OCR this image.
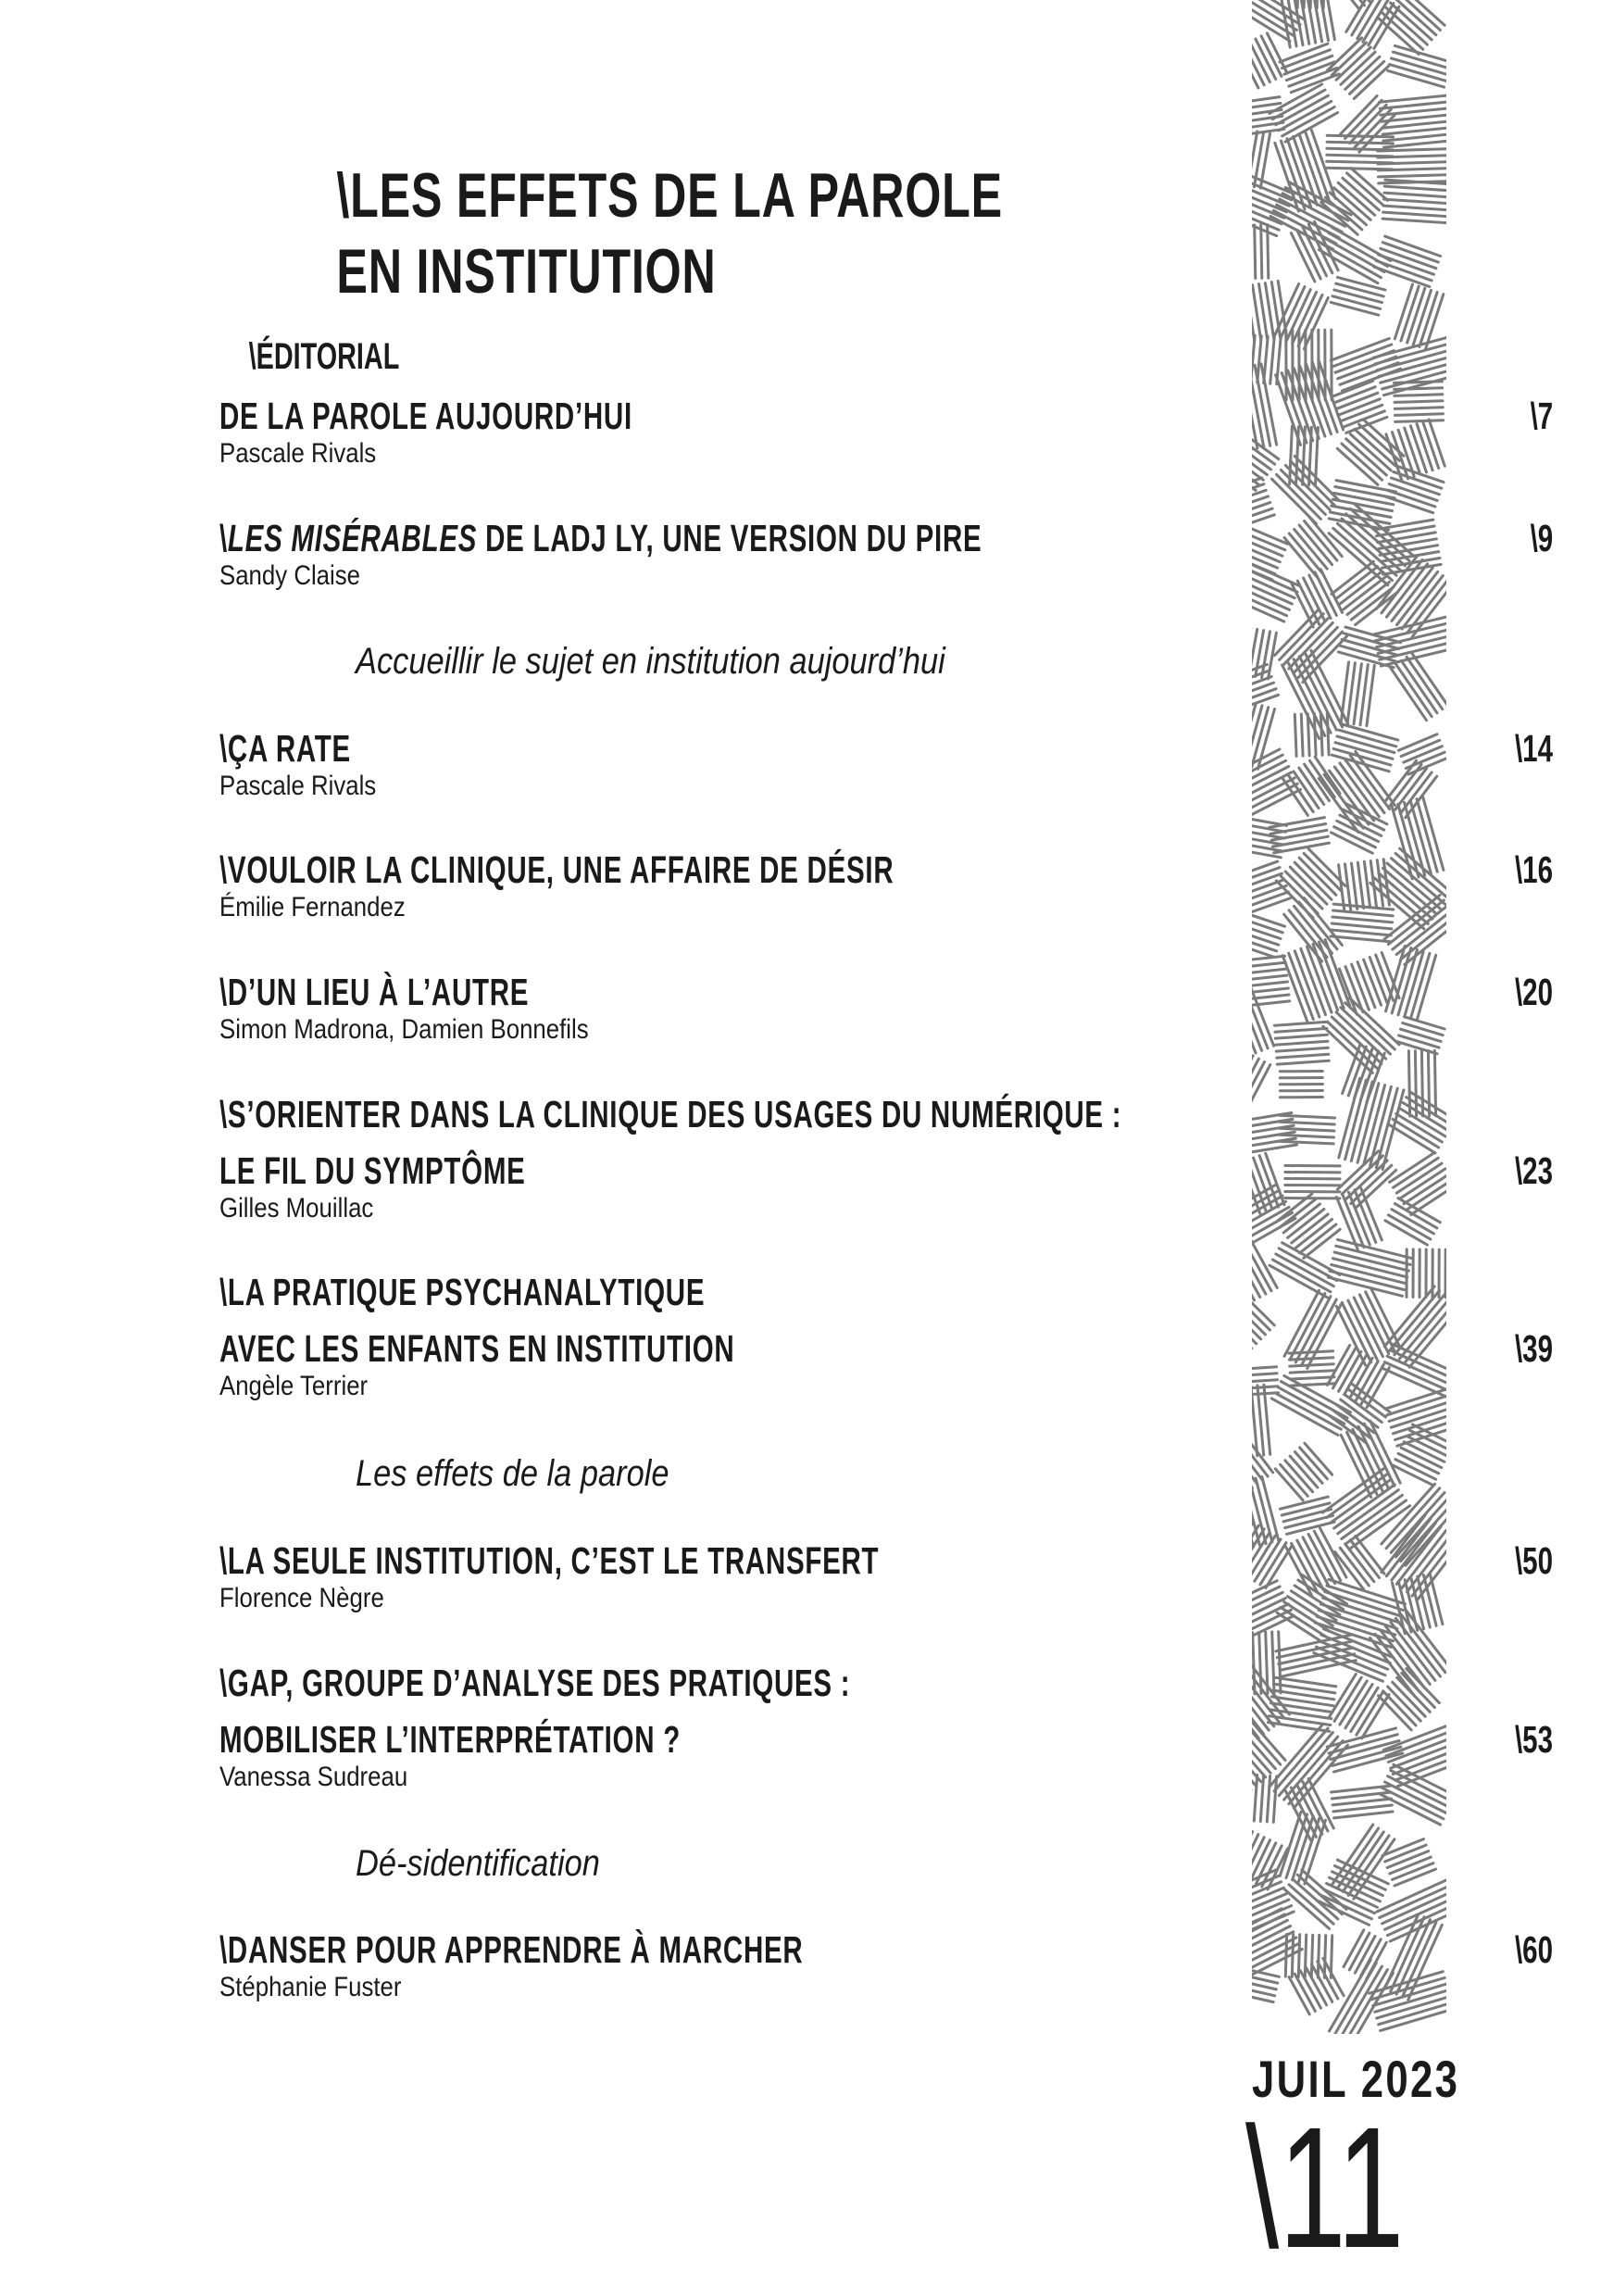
\LES EFFETS DE LA PAROLE
EN INSTITUTION
\ÉDITORIAL
DE LA PAROLE AUJOURD’HUI
Pascale Rivals
\7
\LES MISÉRABLES DE LADJ LY, UNE VERSION DU PIRE
Sandy Claise
\9
Accueillir le sujet en institution aujourd’hui
\ÇA RATE
Pascale Rivals
\14
\VOULOIR LA CLINIQUE, UNE AFFAIRE DE DÉSIR
Émilie Fernandez
\16
\D’UN LIEU À L’AUTRE
Simon Madrona, Damien Bonnefils
\20
\S’ORIENTER DANS LA CLINIQUE DES USAGES DU NUMÉRIQUE :
LE FIL DU SYMPTÔME
Gilles Mouillac
\23
\LA PRATIQUE PSYCHANALYTIQUE
AVEC LES ENFANTS EN INSTITUTION
Angèle Terrier
\39
Les effets de la parole
\LA SEULE INSTITUTION, C’EST LE TRANSFERT
Florence Nègre
\50
\GAP, GROUPE D’ANALYSE DES PRATIQUES :
MOBILISER L’INTERPRÉTATION ?
Vanessa Sudreau
\53
Dé-sidentification
\DANSER POUR APPRENDRE À MARCHER
Stéphanie Fuster
\60
JUIL 2023
\11
